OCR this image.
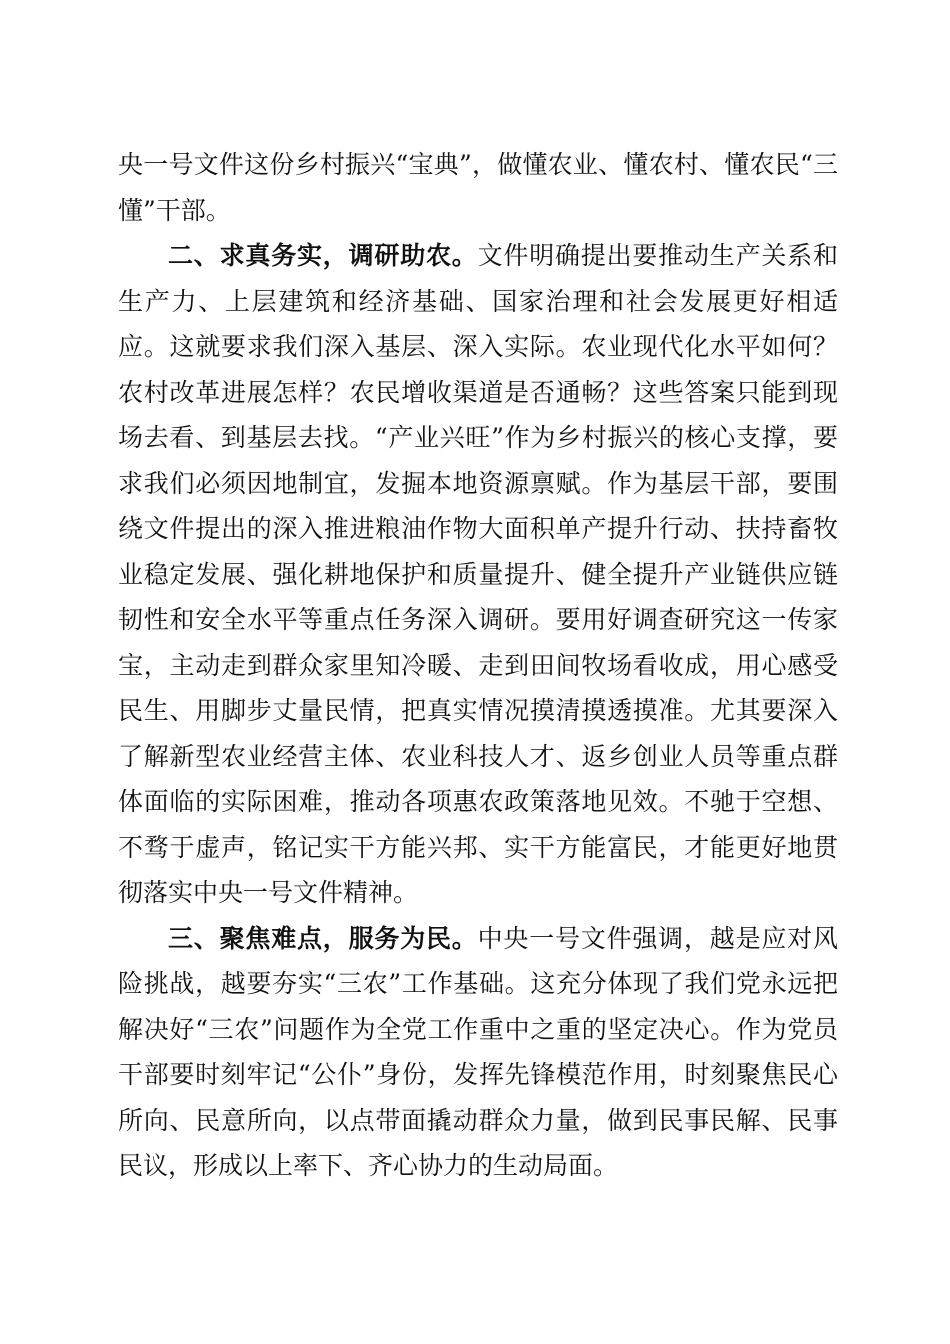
央一号文件这份乡村振兴“宝典”，做懂农业、懂农村、懂农民“三懂”干部。

二、求真务实，调研助农。文件明确提出要推动生产关系和生产力、上层建筑和经济基础、国家治理和社会发展更好相适应。这就要求我们深入基层、深入实际。农业现代化水平如何？农村改革进展怎样？农民增收渠道是否通畅？这些答案只能到现场去看、到基层去找。“产业兴旺”作为乡村振兴的核心支撑，要求我们必须因地制宜，发掘本地资源禀赋。作为基层干部，要围绕文件提出的深入推进粮油作物大面积单产提升行动、扶持畜牧业稳定发展、强化耕地保护和质量提升、健全提升产业链供应链韧性和安全水平等重点任务深入调研。要用好调查研究这一传家宝，主动走到群众家里知冷暖、走到田间牧场看收成，用心感受民生、用脚步丈量民情，把真实情况摸清摸透摸准。尤其要深入了解新型农业经营主体、农业科技人才、返乡创业人员等重点群体面临的实际困难，推动各项惠农政策落地见效。不驰于空想、不骛于虚声，铭记实干方能兴邦、实干方能富民，才能更好地贯彻落实中央一号文件精神。

三、聚焦难点，服务为民。中央一号文件强调，越是应对风险挑战，越要夯实“三农”工作基础。这充分体现了我们党永远把解决好“三农”问题作为全党工作重中之重的坚定决心。作为党员干部要时刻牢记“公仆”身份，发挥先锋模范作用，时刻聚焦民心所向、民意所向，以点带面撬动群众力量，做到民事民解、民事民议，形成以上率下、齐心协力的生动局面。
